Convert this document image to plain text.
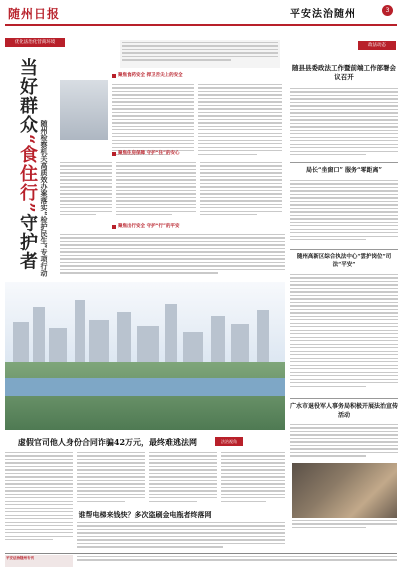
随州日报	平安法治随州	3
优化法治化营商环境
当好群众“食住行”守护者 随州检察机关高质效办案落实“检护民生”专项行动
聚焦食药安全 捍卫舌尖上的安全
聚焦住房保障 守护“住”的安心
聚焦出行安全 守护“行”的平安
政法动态
随县县委政法工作暨前端工作部署会议召开
局长“坐窗口” 服务“零距离”
随州高新区综合执法中心“雲护岗位”司法“平安”
广水市退役军人事务局积极开展法治宣传活动
虚假官司他人身份合同诈骗42万元，最终难逃法网	法治视角
谁帮电梯来钱快？多次盗刷金电瓶者终落网
平安法治随州专刊
